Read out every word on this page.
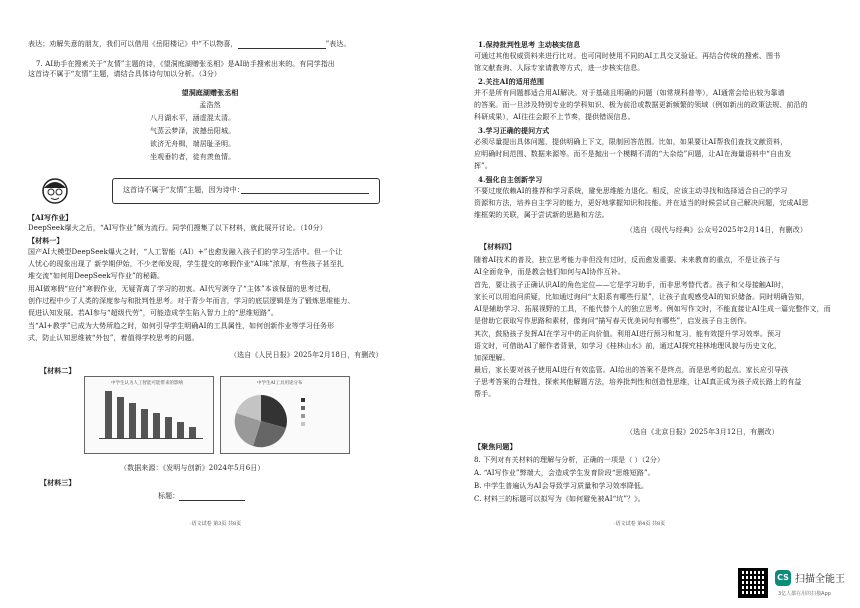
表达；劝解失意的朋友，我们可以借用《岳阳楼记》中“不以物喜，	”表达。
7. AI助手在搜索关于“友情”主题的诗，《望洞庭湖赠张丞相》是AI助手搜索出来的。有同学指出
这首诗不属于“友情”主题，请结合具体诗句加以分析。（3分）
望洞庭湖赠张丞相
孟浩然
八月湖水平，涵虚混太清。
气蒸云梦泽，波撼岳阳城。
欲济无舟楫，端居耻圣明。
坐观垂钓者，徒有羡鱼情。
这首诗不属于“友情”主题，因为诗中：
【AI写作业】
DeepSeek爆火之后，“AI写作业”颇为流行。同学们搜集了以下材料，就此展开讨论。（10分）
【材料一】
国产AI大模型DeepSeek爆火之时，“人工智能（AI）+”也愈发融入孩子们的学习生活中。但一个让
人忧心的现象出现了 新学期伊始，不少老师发现，学生提交的寒假作业“AI味”浓厚，有些孩子甚至扎
堆交流“如何用DeepSeek写作业”的秘籍。
用AI做寒假“应付”寒假作业，无疑背离了学习的初衷。AI代写剥夺了“主体”本该保留的思考过程，
创作过程中少了人类的深度参与和批判性思考。对于青少年而言，学习的底层逻辑是为了锻炼思维能力、
促进认知发展。若AI参与“超级代劳”，可能造成学生陷入智力上的“思维短路”。
当“AI+教学”已成为大势所趋之时，如何引导学生明确AI的工具属性，如何创新作业等学习任务形
式，防止认知思维被“外包”，着值得学校思考的问题。
（选自《人民日报》2025年2月18日，有删改）
【材料二】
中学生认为人工智能可能带来的影响	中学生AI工具用途分布
（数据来源：《发明与创新》2024年5月6日）
【材料三】
标题：
·语文试卷 第3页 共8页
1.保持批判性思考 主动核实信息
可通过其他权威资料来进行比对。也可同时使用不同的AI工具交叉验证。再结合传统的搜索、图书
馆文献查询、人际专家请教等方式，进一步核实信息。
2.关注AI的适用范围
并不是所有问题都适合用AI解决。对于基础且明确的问题（如常规科普等），AI通常会给出较为靠谱
的答案。而一旦涉及特别专业的学科知识、极为前沿或数据更新频繁的领域（例如新出的政策法规、前沿的
科研成果），AI往往会跟不上节奏，提供错误信息。
3.学习正确的提问方式
必须尽量提出具体问题，提供明确上下文，限制回答范围。比如，如果要让AI帮我们查找文献资料，
应明确时间范围、数据来源等。而不是抛出一个模糊不清的“大杂烩”问题，让AI在海量语料中“自由发
挥”。
4.强化自主创新学习
不要过度依赖AI的推荐和学习系统，避免思维能力退化。相反，应该主动寻找和选择适合自己的学习
资源和方法，培养自主学习的能力，更好地掌握知识和技能。并在适当的时候尝试自己解决问题，完成AI思
维框架的关联，属于尝试新的思路和方法。
（选自《现代与经典》公众号2025年2月14日，有删改）
【材料四】
随着AI技术的普及，独立思考能力非但没有过时，反而愈发重要。未来教育的重点，不是让孩子与
AI全面竞争，而是教会他们如何与AI协作互补。
首先，要让孩子正确认识AI的角色定位——它是学习助手，而非思考替代者。孩子和父母接触AI时，
家长可以用追问质疑，比如通过询问“太阳系有哪些行星”，让孩子直观感受AI的知识储备。同时明确告知，
AI是辅助学习、拓展视野的工具，不能代替个人的独立思考。例如写作文时，不能直接让AI生成一篇完整作文，而
是借助它获取写作思路和素材，像询问“描写春天优美词句有哪些”，启发孩子自主创作。
其次，鼓励孩子发挥AI在学习中的正向价值。利用AI进行预习和复习，能有效提升学习效率。预习
语文时，可借助AI了解作者背景，如学习《桂林山水》前，通过AI探究桂林地理风貌与历史文化，
加深理解。
最后，家长要对孩子使用AI进行有效监管。AI给出的答案不是终点，而是思考的起点。家长应引导孩
子思考答案的合理性，探索其他解题方法，培养批判性和创造性思维，让AI真正成为孩子成长路上的有益
帮手。
（选自《北京日报》2025年3月12日，有删改）
【聚焦问题】
8. 下列对有关材料的理解与分析，正确的一项是（ ）（2分）
A. “AI写作业”弊端大，会造成学生发育阶段“思维短路”。
B. 中学生普遍认为AI会导致学习质量和学习效率降低。
C. 材料三的标题可以拟写为《如何避免被AI“坑”？》。
·语文试卷 第4页 共8页
CS 扫描全能王
3亿人都在用的扫描App
